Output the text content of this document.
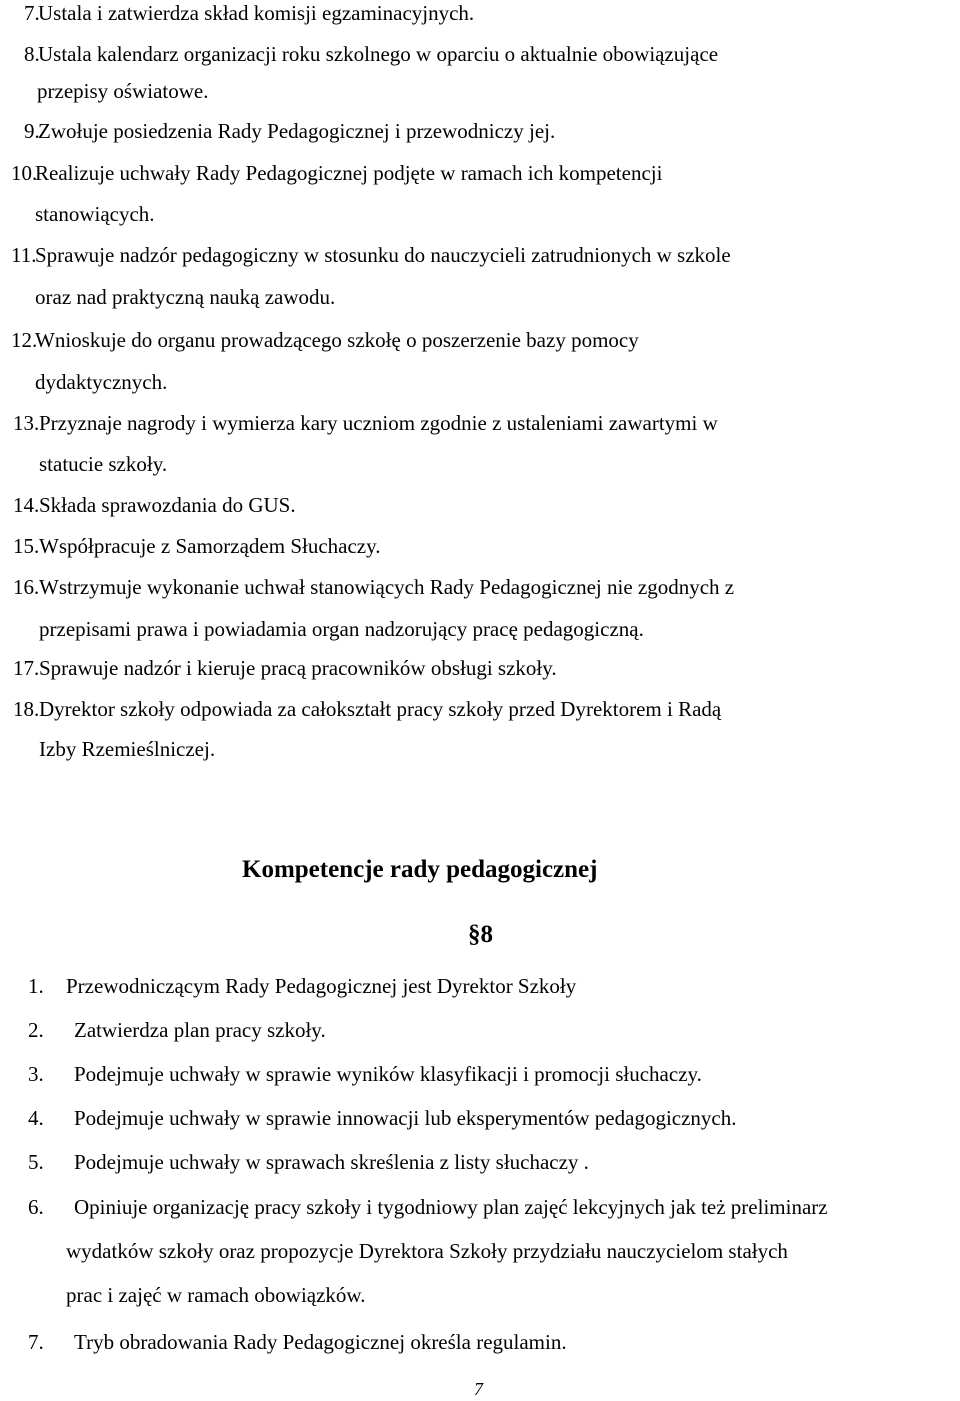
7.
Ustala i zatwierdza skład komisji egzaminacyjnych.
8.
Ustala kalendarz organizacji roku szkolnego w oparciu o aktualnie obowiązujące
przepisy oświatowe.
9.
Zwołuje posiedzenia Rady Pedagogicznej i przewodniczy jej.
10.
Realizuje uchwały Rady Pedagogicznej podjęte w ramach ich kompetencji
stanowiących.
11.
Sprawuje nadzór pedagogiczny w stosunku do nauczycieli zatrudnionych w szkole
oraz nad praktyczną nauką zawodu.
12.
Wnioskuje do organu prowadzącego szkołę o poszerzenie bazy pomocy
dydaktycznych.
13. Przyznaje nagrody i wymierza kary uczniom zgodnie z ustaleniami zawartymi w
statucie szkoły.
14. Składa sprawozdania do GUS.
15. Współpracuje z Samorządem Słuchaczy.
16. Wstrzymuje wykonanie uchwał stanowiących Rady Pedagogicznej nie zgodnych z
przepisami prawa i powiadamia organ nadzorujący pracę pedagogiczną.
17. Sprawuje nadzór i kieruje pracą pracowników obsługi szkoły.
18. Dyrektor szkoły odpowiada za całokształt pracy szkoły przed Dyrektorem i Radą
Izby Rzemieślniczej.
Kompetencje rady pedagogicznej
§8
1. Przewodniczącym Rady Pedagogicznej jest Dyrektor Szkoły
2. Zatwierdza plan pracy szkoły.
3. Podejmuje uchwały w sprawie wyników klasyfikacji i promocji słuchaczy.
4. Podejmuje uchwały w sprawie innowacji lub eksperymentów pedagogicznych.
5. Podejmuje uchwały w sprawach skreślenia z listy słuchaczy .
6. Opiniuje organizację pracy szkoły i tygodniowy plan zajęć lekcyjnych jak też preliminarz
wydatków szkoły oraz propozycje Dyrektora Szkoły przydziału nauczycielom stałych
prac i zajęć w ramach obowiązków.
7. Tryb obradowania Rady Pedagogicznej określa regulamin.
7
